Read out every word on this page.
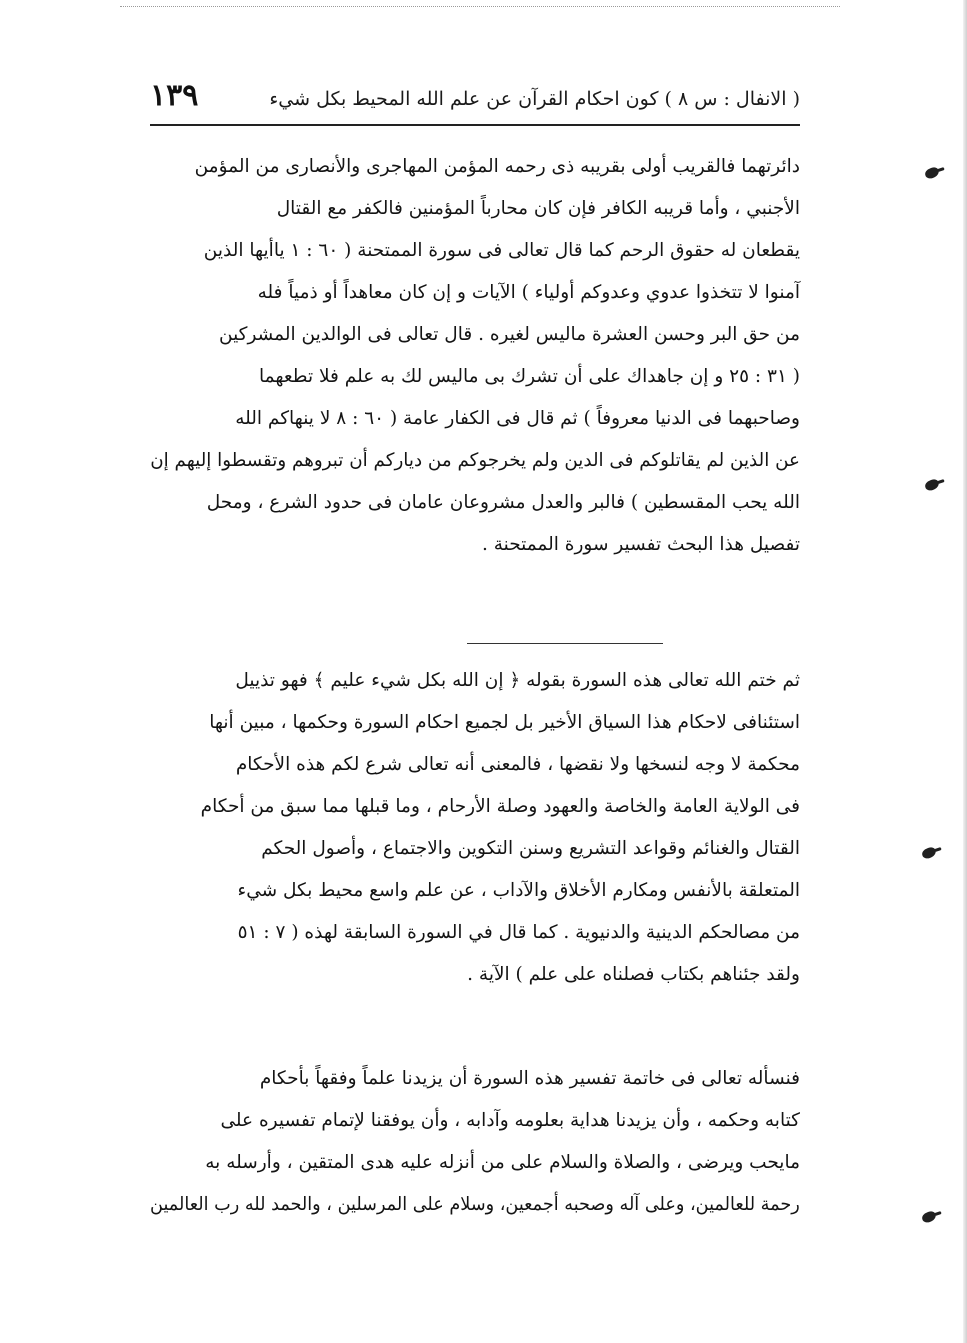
( الانفال : س ٨ ) كون احكام القرآن عن علم الله المحيط بكل شيء
١٣٩
دائرتهما فالقريب أولى بقريبه ذى رحمه المؤمن المهاجرى والأنصارى من المؤمن
الأجنبي ، وأما قريبه الكافر فإن كان محارباً المؤمنين فالكفر مع القتال
يقطعان له حقوق الرحم كما قال تعالى فى سورة الممتحنة ( ٦٠ : ١ ياأيها الذين
آمنوا لا تتخذوا عدوي وعدوكم أولياء ) الآيات و إن كان معاهداً أو ذمياً فله
من حق البر وحسن العشرة ماليس لغيره . قال تعالى فى الوالدين المشركين
( ٣١ : ٢٥ و إن جاهداك على أن تشرك بى ماليس لك به علم فلا تطعهما
وصاحبهما فى الدنيا معروفاً ) ثم قال فى الكفار عامة ( ٦٠ : ٨ لا ينهاكم الله
عن الذين لم يقاتلوكم فى الدين ولم يخرجوكم من دياركم أن تبروهم وتقسطوا إليهم إن
الله يحب المقسطين ) فالبر والعدل مشروعان عامان فى حدود الشرع ، ومحل
تفصيل هذا البحث تفسير سورة الممتحنة .
ثم ختم الله تعالى هذه السورة بقوله ﴿ إن الله بكل شيء عليم ﴾ فهو تذييل
استئنافى لاحكام هذا السياق الأخير بل لجميع احكام السورة وحكمها ، مبين أنها
محكمة لا وجه لنسخها ولا نقضها ، فالمعنى أنه تعالى شرع لكم هذه الأحكام
فى الولاية العامة والخاصة والعهود وصلة الأرحام ، وما قبلها مما سبق من أحكام
القتال والغنائم وقواعد التشريع وسنن التكوين والاجتماع ، وأصول الحكم
المتعلقة بالأنفس ومكارم الأخلاق والآداب ، عن علم واسع محيط بكل شيء
من مصالحكم الدينية والدنيوية . كما قال في السورة السابقة لهذه ( ٧ : ٥١
ولقد جئناهم بكتاب فصلناه على علم ) الآية .
فنسأله تعالى فى خاتمة تفسير هذه السورة أن يزيدنا علماً وفقهاً بأحكام
كتابه وحكمه ، وأن يزيدنا هداية بعلومه وآدابه ، وأن يوفقنا لإتمام تفسيره على
مايحب ويرضى ، والصلاة والسلام على من أنزله عليه هدى المتقين ، وأرسله به
رحمة للعالمين، وعلى آله وصحبه أجمعين، وسلام على المرسلين ، والحمد لله رب العالمين
